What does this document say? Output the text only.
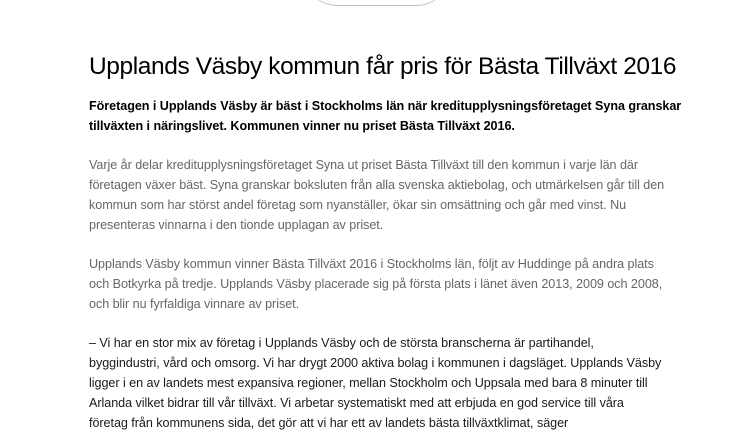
Upplands Väsby kommun får pris för Bästa Tillväxt 2016

Företagen i Upplands Väsby är bäst i Stockholms län när kreditupplysningsföretaget Syna granskar
tillväxten i näringslivet. Kommunen vinner nu priset Bästa Tillväxt 2016.

Varje år delar kreditupplysningsföretaget Syna ut priset Bästa Tillväxt till den kommun i varje län där
företagen växer bäst. Syna granskar boksluten från alla svenska aktiebolag, och utmärkelsen går till den
kommun som har störst andel företag som nyanställer, ökar sin omsättning och går med vinst. Nu
presenteras vinnarna i den tionde upplagan av priset.

Upplands Väsby kommun vinner Bästa Tillväxt 2016 i Stockholms län, följt av Huddinge på andra plats
och Botkyrka på tredje. Upplands Väsby placerade sig på första plats i länet även 2013, 2009 och 2008,
och blir nu fyrfaldiga vinnare av priset.

– Vi har en stor mix av företag i Upplands Väsby och de största branscherna är partihandel,
byggindustri, vård och omsorg. Vi har drygt 2000 aktiva bolag i kommunen i dagsläget. Upplands Väsby
ligger i en av landets mest expansiva regioner, mellan Stockholm och Uppsala med bara 8 minuter till
Arlanda vilket bidrar till vår tillväxt. Vi arbetar systematiskt med att erbjuda en god service till våra
företag från kommunens sida, det gör att vi har ett av landets bästa tillväxtklimat, säger
